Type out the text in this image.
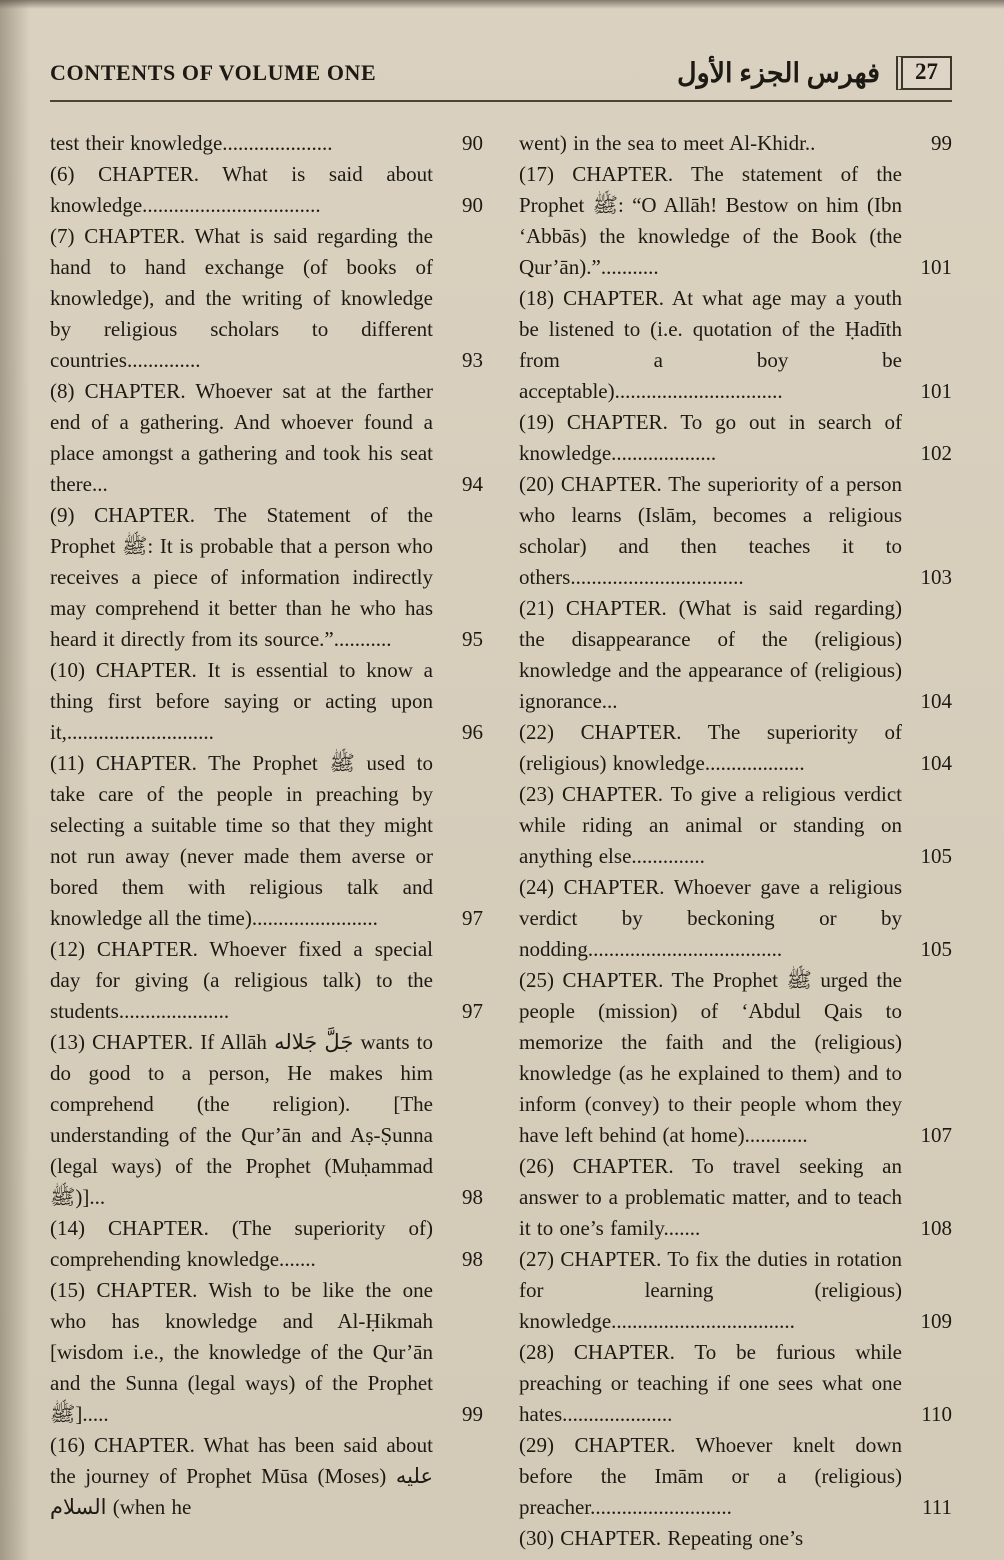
CONTENTS OF VOLUME ONE	فهرس الجزء الأول	27
test their knowledge.....................	90
(6) CHAPTER. What is said about knowledge..................................	90
(7) CHAPTER. What is said regarding the hand to hand exchange (of books of knowledge), and the writing of knowledge by religious scholars to different countries..............	93
(8) CHAPTER. Whoever sat at the farther end of a gathering. And whoever found a place amongst a gathering and took his seat there...	94
(9) CHAPTER. The Statement of the Prophet ﷺ: It is probable that a person who receives a piece of information indirectly may comprehend it better than he who has heard it directly from its source.”...........	95
(10) CHAPTER. It is essential to know a thing first before saying or acting upon it,............................	96
(11) CHAPTER. The Prophet ﷺ used to take care of the people in preaching by selecting a suitable time so that they might not run away (never made them averse or bored them with religious talk and knowledge all the time)........................	97
(12) CHAPTER. Whoever fixed a special day for giving (a religious talk) to the students.....................	97
(13) CHAPTER. If Allāh جَلَّ جَلاله wants to do good to a person, He makes him comprehend (the religion). [The understanding of the Qur’ān and Aṣ-Ṣunna (legal ways) of the Prophet (Muḥammad ﷺ)]...	98
(14) CHAPTER. (The superiority of) comprehending knowledge.......	98
(15) CHAPTER. Wish to be like the one who has knowledge and Al-Ḥikmah [wisdom i.e., the knowledge of the Qur’ān and the Sunna (legal ways) of the Prophet ﷺ].....	99
(16) CHAPTER. What has been said about the journey of Prophet Mūsa (Moses) عليه السلام (when he
went) in the sea to meet Al-Khidr..	99
(17) CHAPTER. The statement of the Prophet ﷺ: “O Allāh! Bestow on him (Ibn ‘Abbās) the knowledge of the Book (the Qur’ān).”...........	101
(18) CHAPTER. At what age may a youth be listened to (i.e. quotation of the Ḥadīth from a boy be acceptable)................................	101
(19) CHAPTER. To go out in search of knowledge....................	102
(20) CHAPTER. The superiority of a person who learns (Islām, becomes a religious scholar) and then teaches it to others.................................	103
(21) CHAPTER. (What is said regarding) the disappearance of the (religious) knowledge and the appearance of (religious) ignorance...	104
(22) CHAPTER. The superiority of (religious) knowledge...................	104
(23) CHAPTER. To give a religious verdict while riding an animal or standing on anything else..............	105
(24) CHAPTER. Whoever gave a religious verdict by beckoning or by nodding.....................................	105
(25) CHAPTER. The Prophet ﷺ urged the people (mission) of ‘Abdul Qais to memorize the faith and the (religious) knowledge (as he explained to them) and to inform (convey) to their people whom they have left behind (at home)............	107
(26) CHAPTER. To travel seeking an answer to a problematic matter, and to teach it to one’s family.......	108
(27) CHAPTER. To fix the duties in rotation for learning (religious) knowledge...................................	109
(28) CHAPTER. To be furious while preaching or teaching if one sees what one hates.....................	110
(29) CHAPTER. Whoever knelt down before the Imām or a (religious) preacher...........................	111
(30) CHAPTER. Repeating one’s
